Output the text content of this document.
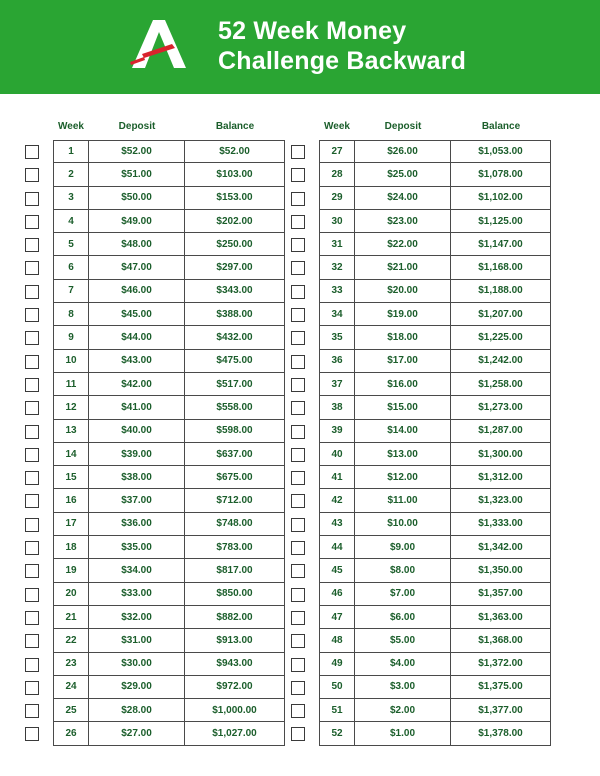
52 Week Money
Challenge Backward
Week	Deposit	Balance
1	$52.00	$52.00
2	$51.00	$103.00
3	$50.00	$153.00
4	$49.00	$202.00
5	$48.00	$250.00
6	$47.00	$297.00
7	$46.00	$343.00
8	$45.00	$388.00
9	$44.00	$432.00
10	$43.00	$475.00
11	$42.00	$517.00
12	$41.00	$558.00
13	$40.00	$598.00
14	$39.00	$637.00
15	$38.00	$675.00
16	$37.00	$712.00
17	$36.00	$748.00
18	$35.00	$783.00
19	$34.00	$817.00
20	$33.00	$850.00
21	$32.00	$882.00
22	$31.00	$913.00
23	$30.00	$943.00
24	$29.00	$972.00
25	$28.00	$1,000.00
26	$27.00	$1,027.00
Week	Deposit	Balance
27	$26.00	$1,053.00
28	$25.00	$1,078.00
29	$24.00	$1,102.00
30	$23.00	$1,125.00
31	$22.00	$1,147.00
32	$21.00	$1,168.00
33	$20.00	$1,188.00
34	$19.00	$1,207.00
35	$18.00	$1,225.00
36	$17.00	$1,242.00
37	$16.00	$1,258.00
38	$15.00	$1,273.00
39	$14.00	$1,287.00
40	$13.00	$1,300.00
41	$12.00	$1,312.00
42	$11.00	$1,323.00
43	$10.00	$1,333.00
44	$9.00	$1,342.00
45	$8.00	$1,350.00
46	$7.00	$1,357.00
47	$6.00	$1,363.00
48	$5.00	$1,368.00
49	$4.00	$1,372.00
50	$3.00	$1,375.00
51	$2.00	$1,377.00
52	$1.00	$1,378.00
